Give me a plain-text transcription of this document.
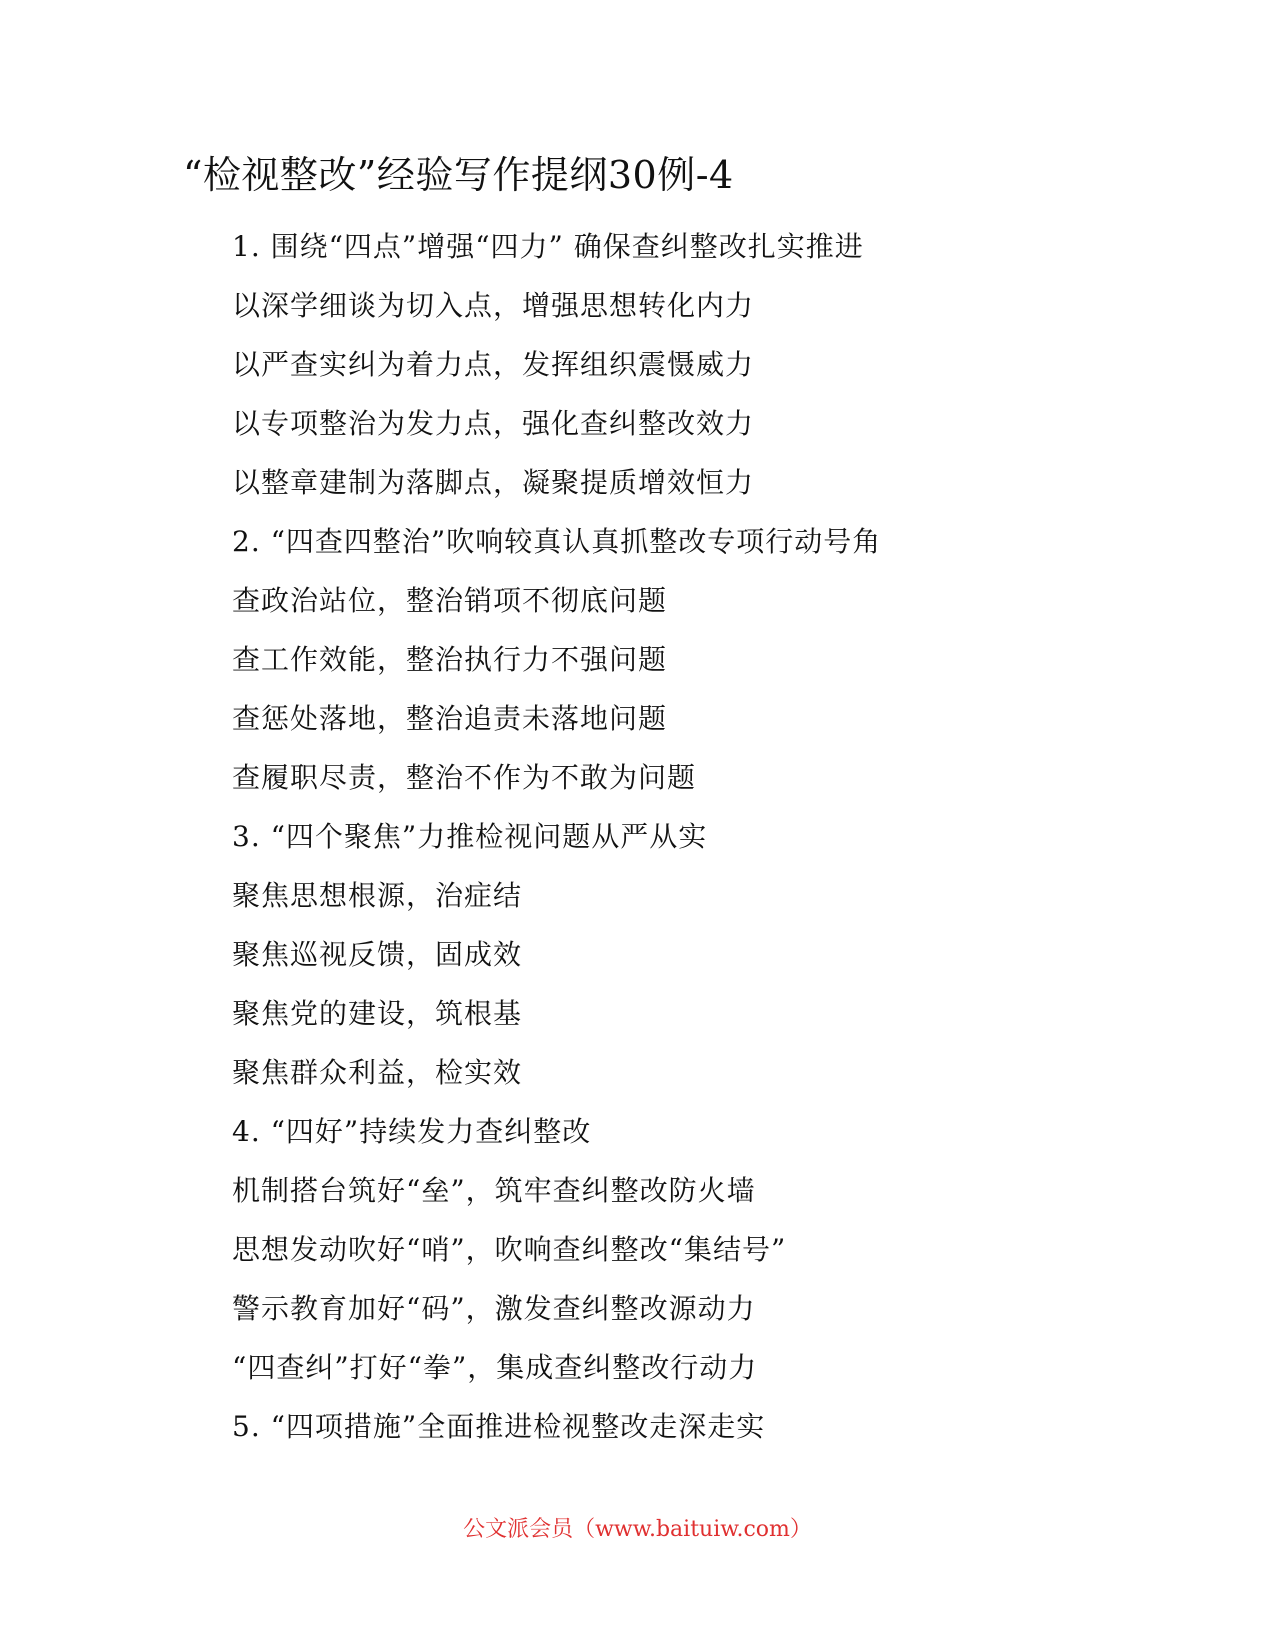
“检视整改”经验写作提纲30例-4
1. 围绕“四点”增强“四力” 确保查纠整改扎实推进
以深学细谈为切入点，增强思想转化内力
以严查实纠为着力点，发挥组织震慑威力
以专项整治为发力点，强化查纠整改效力
以整章建制为落脚点，凝聚提质增效恒力
2. “四查四整治”吹响较真认真抓整改专项行动号角
查政治站位，整治销项不彻底问题
查工作效能，整治执行力不强问题
查惩处落地，整治追责未落地问题
查履职尽责，整治不作为不敢为问题
3. “四个聚焦”力推检视问题从严从实
聚焦思想根源，治症结
聚焦巡视反馈，固成效
聚焦党的建设，筑根基
聚焦群众利益，检实效
4. “四好”持续发力查纠整改
机制搭台筑好“垒”，筑牢查纠整改防火墙
思想发动吹好“哨”，吹响查纠整改“集结号”
警示教育加好“码”，激发查纠整改源动力
“四查纠”打好“拳”，集成查纠整改行动力
5. “四项措施”全面推进检视整改走深走实
公文派会员（www.baituiw.com）
